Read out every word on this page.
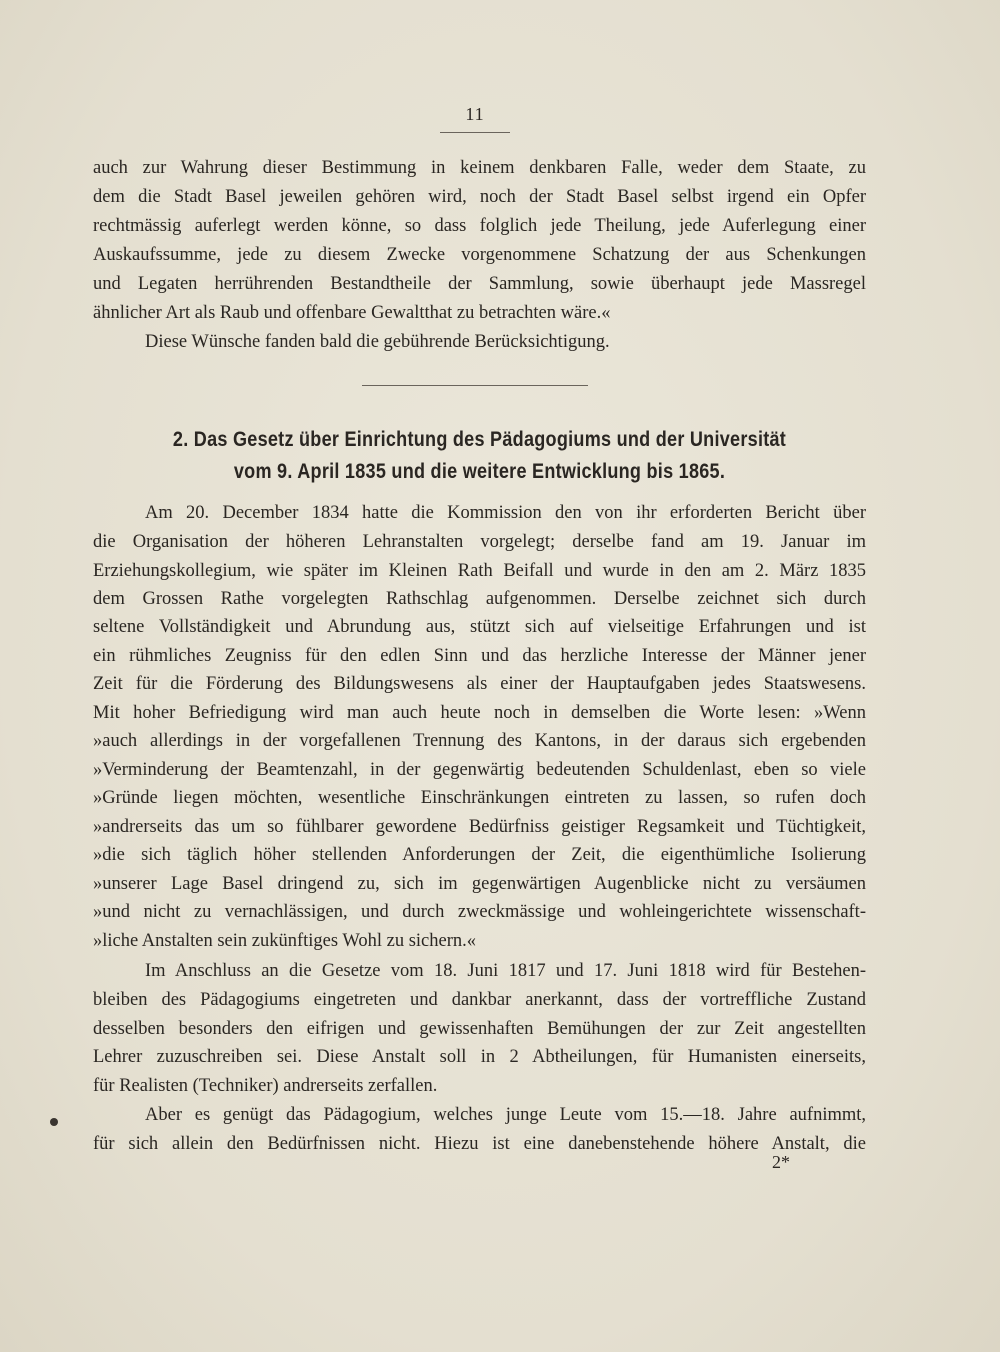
11
auch zur Wahrung dieser Bestimmung in keinem denkbaren Falle, weder dem Staate, zu
dem die Stadt Basel jeweilen gehören wird, noch der Stadt Basel selbst irgend ein Opfer
rechtmässig auferlegt werden könne, so dass folglich jede Theilung, jede Auferlegung einer
Auskaufssumme, jede zu diesem Zwecke vorgenommene Schatzung der aus Schenkungen
und Legaten herrührenden Bestandtheile der Sammlung, sowie überhaupt jede Massregel
ähnlicher Art als Raub und offenbare Gewaltthat zu betrachten wäre.«
Diese Wünsche fanden bald die gebührende Berücksichtigung.
2. Das Gesetz über Einrichtung des Pädagogiums und der Universität
vom 9. April 1835 und die weitere Entwicklung bis 1865.
Am 20. December 1834 hatte die Kommission den von ihr erforderten Bericht über
die Organisation der höheren Lehranstalten vorgelegt; derselbe fand am 19. Januar im
Erziehungskollegium, wie später im Kleinen Rath Beifall und wurde in den am 2. März 1835
dem Grossen Rathe vorgelegten Rathschlag aufgenommen. Derselbe zeichnet sich durch
seltene Vollständigkeit und Abrundung aus, stützt sich auf vielseitige Erfahrungen und ist
ein rühmliches Zeugniss für den edlen Sinn und das herzliche Interesse der Männer jener
Zeit für die Förderung des Bildungswesens als einer der Hauptaufgaben jedes Staatswesens.
Mit hoher Befriedigung wird man auch heute noch in demselben die Worte lesen: »Wenn
»auch allerdings in der vorgefallenen Trennung des Kantons, in der daraus sich ergebenden
»Verminderung der Beamtenzahl, in der gegenwärtig bedeutenden Schuldenlast, eben so viele
»Gründe liegen möchten, wesentliche Einschränkungen eintreten zu lassen, so rufen doch
»andrerseits das um so fühlbarer gewordene Bedürfniss geistiger Regsamkeit und Tüchtigkeit,
»die sich täglich höher stellenden Anforderungen der Zeit, die eigenthümliche Isolierung
»unserer Lage Basel dringend zu, sich im gegenwärtigen Augenblicke nicht zu versäumen
»und nicht zu vernachlässigen, und durch zweckmässige und wohleingerichtete wissenschaft-
»liche Anstalten sein zukünftiges Wohl zu sichern.«
Im Anschluss an die Gesetze vom 18. Juni 1817 und 17. Juni 1818 wird für Bestehen-
bleiben des Pädagogiums eingetreten und dankbar anerkannt, dass der vortreffliche Zustand
desselben besonders den eifrigen und gewissenhaften Bemühungen der zur Zeit angestellten
Lehrer zuzuschreiben sei. Diese Anstalt soll in 2 Abtheilungen, für Humanisten einerseits,
für Realisten (Techniker) andrerseits zerfallen.
Aber es genügt das Pädagogium, welches junge Leute vom 15.—18. Jahre aufnimmt,
für sich allein den Bedürfnissen nicht. Hiezu ist eine danebenstehende höhere Anstalt, die
2*
